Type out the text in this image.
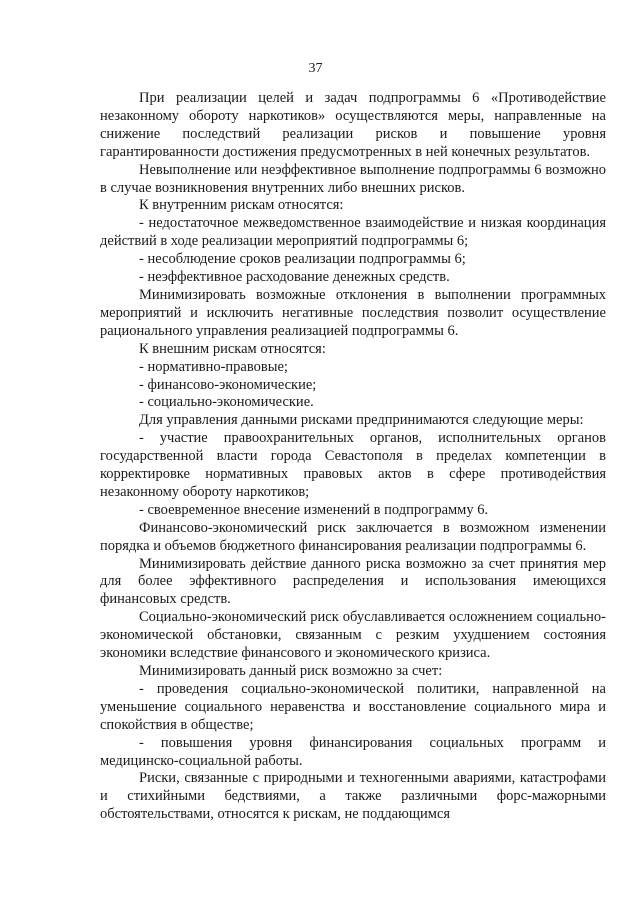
37

При реализации целей и задач подпрограммы 6 «Противодействие незаконному обороту наркотиков» осуществляются меры, направленные на снижение последствий реализации рисков и повышение уровня гарантированности достижения предусмотренных в ней конечных результатов.

Невыполнение или неэффективное выполнение подпрограммы 6 возможно в случае возникновения внутренних либо внешних рисков.

К внутренним рискам относятся:

- недостаточное межведомственное взаимодействие и низкая координация действий в ходе реализации мероприятий подпрограммы 6;

- несоблюдение сроков реализации подпрограммы 6;

- неэффективное расходование денежных средств.

Минимизировать возможные отклонения в выполнении программных мероприятий и исключить негативные последствия позволит осуществление рационального управления реализацией подпрограммы 6.

К внешним рискам относятся:

- нормативно-правовые;

- финансово-экономические;

- социально-экономические.

Для управления данными рисками предпринимаются следующие меры:

- участие правоохранительных органов, исполнительных органов государственной власти города Севастополя в пределах компетенции в корректировке нормативных правовых актов в сфере противодействия незаконному обороту наркотиков;

- своевременное внесение изменений в подпрограмму 6.

Финансово-экономический риск заключается в возможном изменении порядка и объемов бюджетного финансирования реализации подпрограммы 6.

Минимизировать действие данного риска возможно за счет принятия мер для более эффективного распределения и использования имеющихся финансовых средств.

Социально-экономический риск обуславливается осложнением социально-экономической обстановки, связанным с резким ухудшением состояния экономики вследствие финансового и экономического кризиса.

Минимизировать данный риск возможно за счет:

- проведения социально-экономической политики, направленной на уменьшение социального неравенства и восстановление социального мира и спокойствия в обществе;

- повышения уровня финансирования социальных программ и медицинско-социальной работы.

Риски, связанные с природными и техногенными авариями, катастрофами и стихийными бедствиями, а также различными форс-мажорными обстоятельствами, относятся к рискам, не поддающимся
